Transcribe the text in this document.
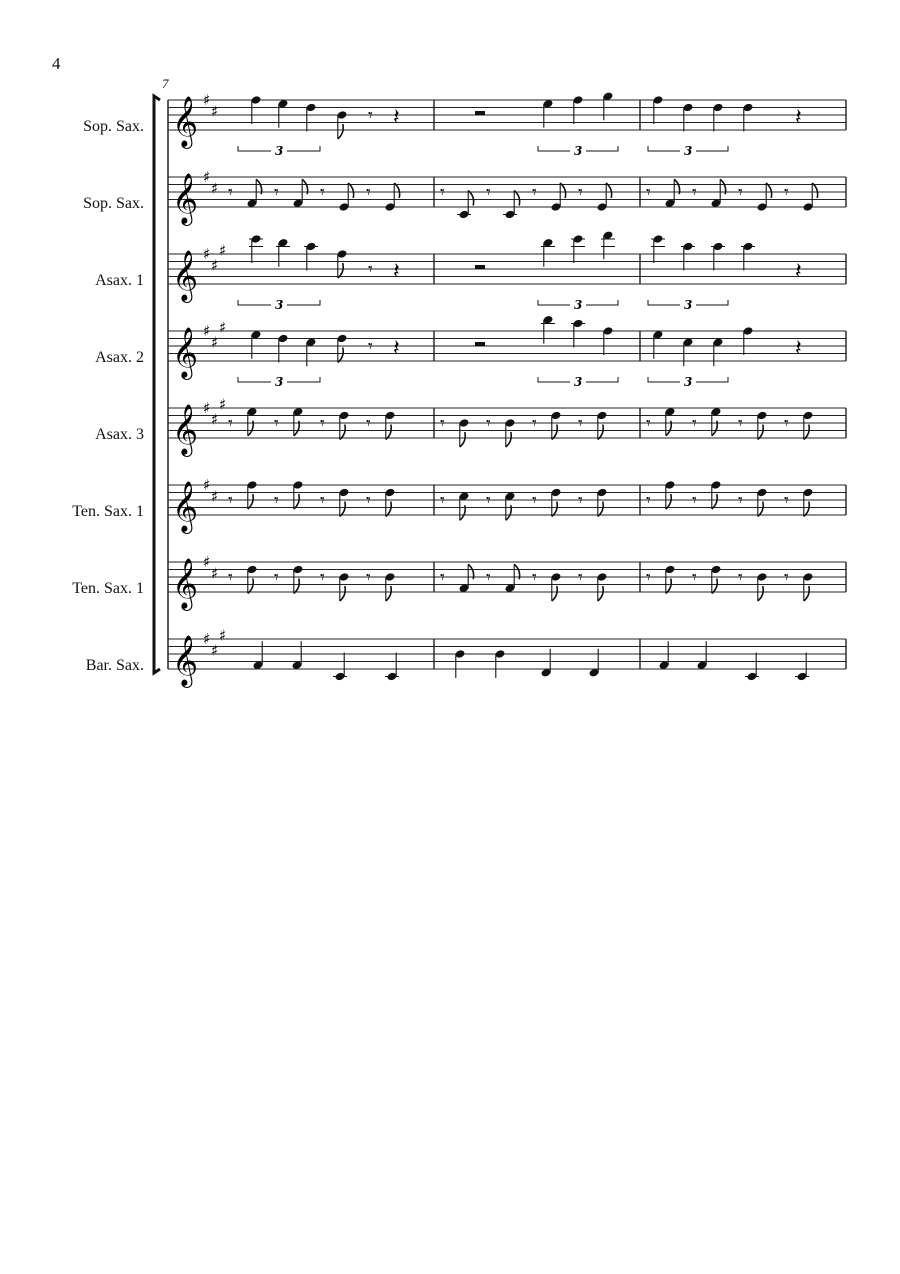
4
7
Sop. Sax.
Sop. Sax.
Asax. 1
Asax. 2
Asax. 3
Ten. Sax. 1
Ten. Sax. 1
Bar. Sax.
𝄞 ♯
♯
𝄞 ♯
♯
𝄞 ♯
♯
♯
𝄞 ♯
♯
♯
𝄞 ♯
♯
♯
𝄞 ♯
♯
𝄞 ♯
♯
𝄞 ♯
♯
♯
3
𝄾 𝄽
3	3
𝄽
𝄾 𝄾 𝄾 𝄾	𝄾 𝄾 𝄾 𝄾	𝄾 𝄾 𝄾 𝄾
3
𝄾 𝄽
3	3
𝄽
3
𝄾 𝄽
3	3
𝄽
𝄾 𝄾 𝄾 𝄾	𝄾 𝄾 𝄾 𝄾	𝄾 𝄾 𝄾 𝄾
𝄾 𝄾 𝄾 𝄾	𝄾 𝄾 𝄾 𝄾	𝄾 𝄾 𝄾 𝄾
𝄾 𝄾 𝄾 𝄾	𝄾 𝄾 𝄾 𝄾	𝄾 𝄾 𝄾 𝄾
